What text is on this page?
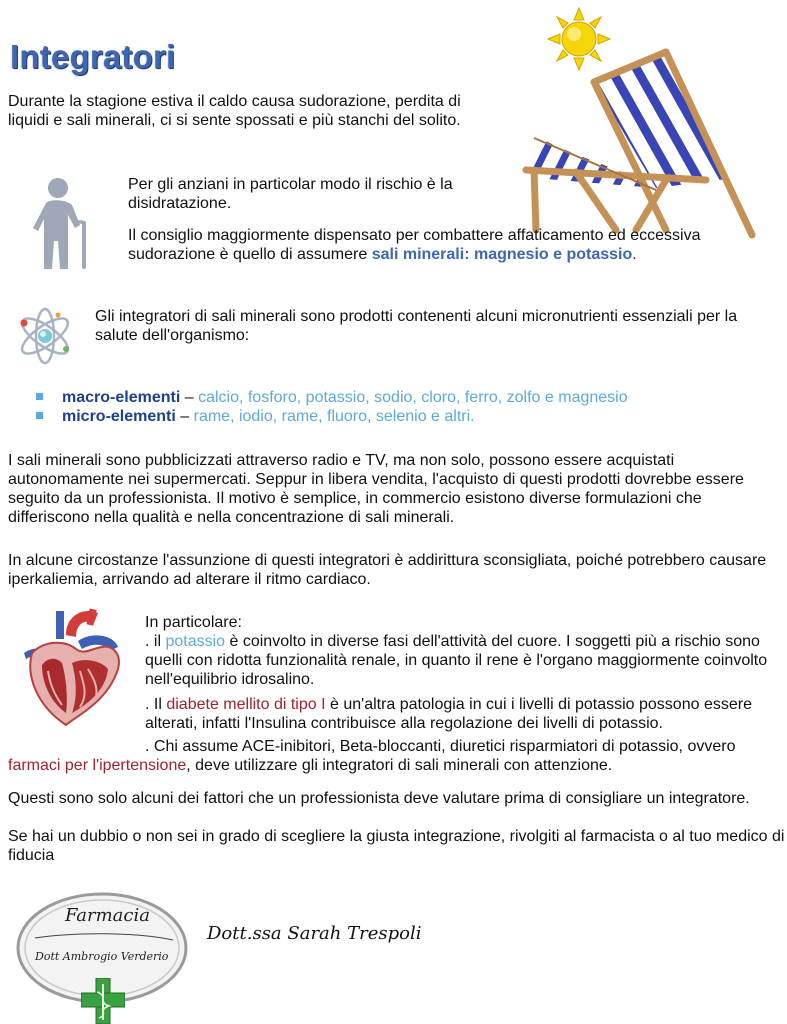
Integratori
Durante la stagione estiva il caldo causa sudorazione, perdita di liquidi e sali minerali, ci si sente spossati e più stanchi del solito.
Per gli anziani in particolar modo il rischio è la disidratazione.
Il consiglio maggiormente dispensato per combattere affaticamento ed eccessiva sudorazione è quello di assumere sali minerali: magnesio e potassio.
Gli integratori di sali minerali sono prodotti contenenti alcuni micronutrienti essenziali per la salute dell'organismo:
macro-elementi – calcio, fosforo, potassio, sodio, cloro, ferro, zolfo e magnesio
micro-elementi – rame, iodio, rame, fluoro, selenio e altri.
I sali minerali sono pubblicizzati attraverso radio e TV, ma non solo, possono essere acquistati autonomamente nei supermercati. Seppur in libera vendita, l'acquisto di questi prodotti dovrebbe essere seguito da un professionista. Il motivo è semplice, in commercio esistono diverse formulazioni che differiscono nella qualità e nella concentrazione di sali minerali.
In alcune circostanze l'assunzione di questi integratori è addirittura sconsigliata, poiché potrebbero causare iperkaliemia, arrivando ad alterare il ritmo cardiaco.
In particolare:
. il potassio è coinvolto in diverse fasi dell'attività del cuore. I soggetti più a rischio sono quelli con ridotta funzionalità renale, in quanto il rene è l'organo maggiormente coinvolto nell'equilibrio idrosalino.
. Il diabete mellito di tipo I è un'altra patologia in cui i livelli di potassio possono essere alterati, infatti l'Insulina contribuisce alla regolazione dei livelli di potassio.
. Chi assume ACE-inibitori, Beta-bloccanti, diuretici risparmiatori di potassio, ovvero farmaci per l'ipertensione, deve utilizzare gli integratori di sali minerali con attenzione.
Questi sono solo alcuni dei fattori che un professionista deve valutare prima di consigliare un integratore.
Se hai un dubbio o non sei in grado di scegliere la giusta integrazione, rivolgiti al farmacista o al tuo medico di fiducia
Farmacia
Dott Ambrogio Verderio
Dott.ssa Sarah Trespoli
